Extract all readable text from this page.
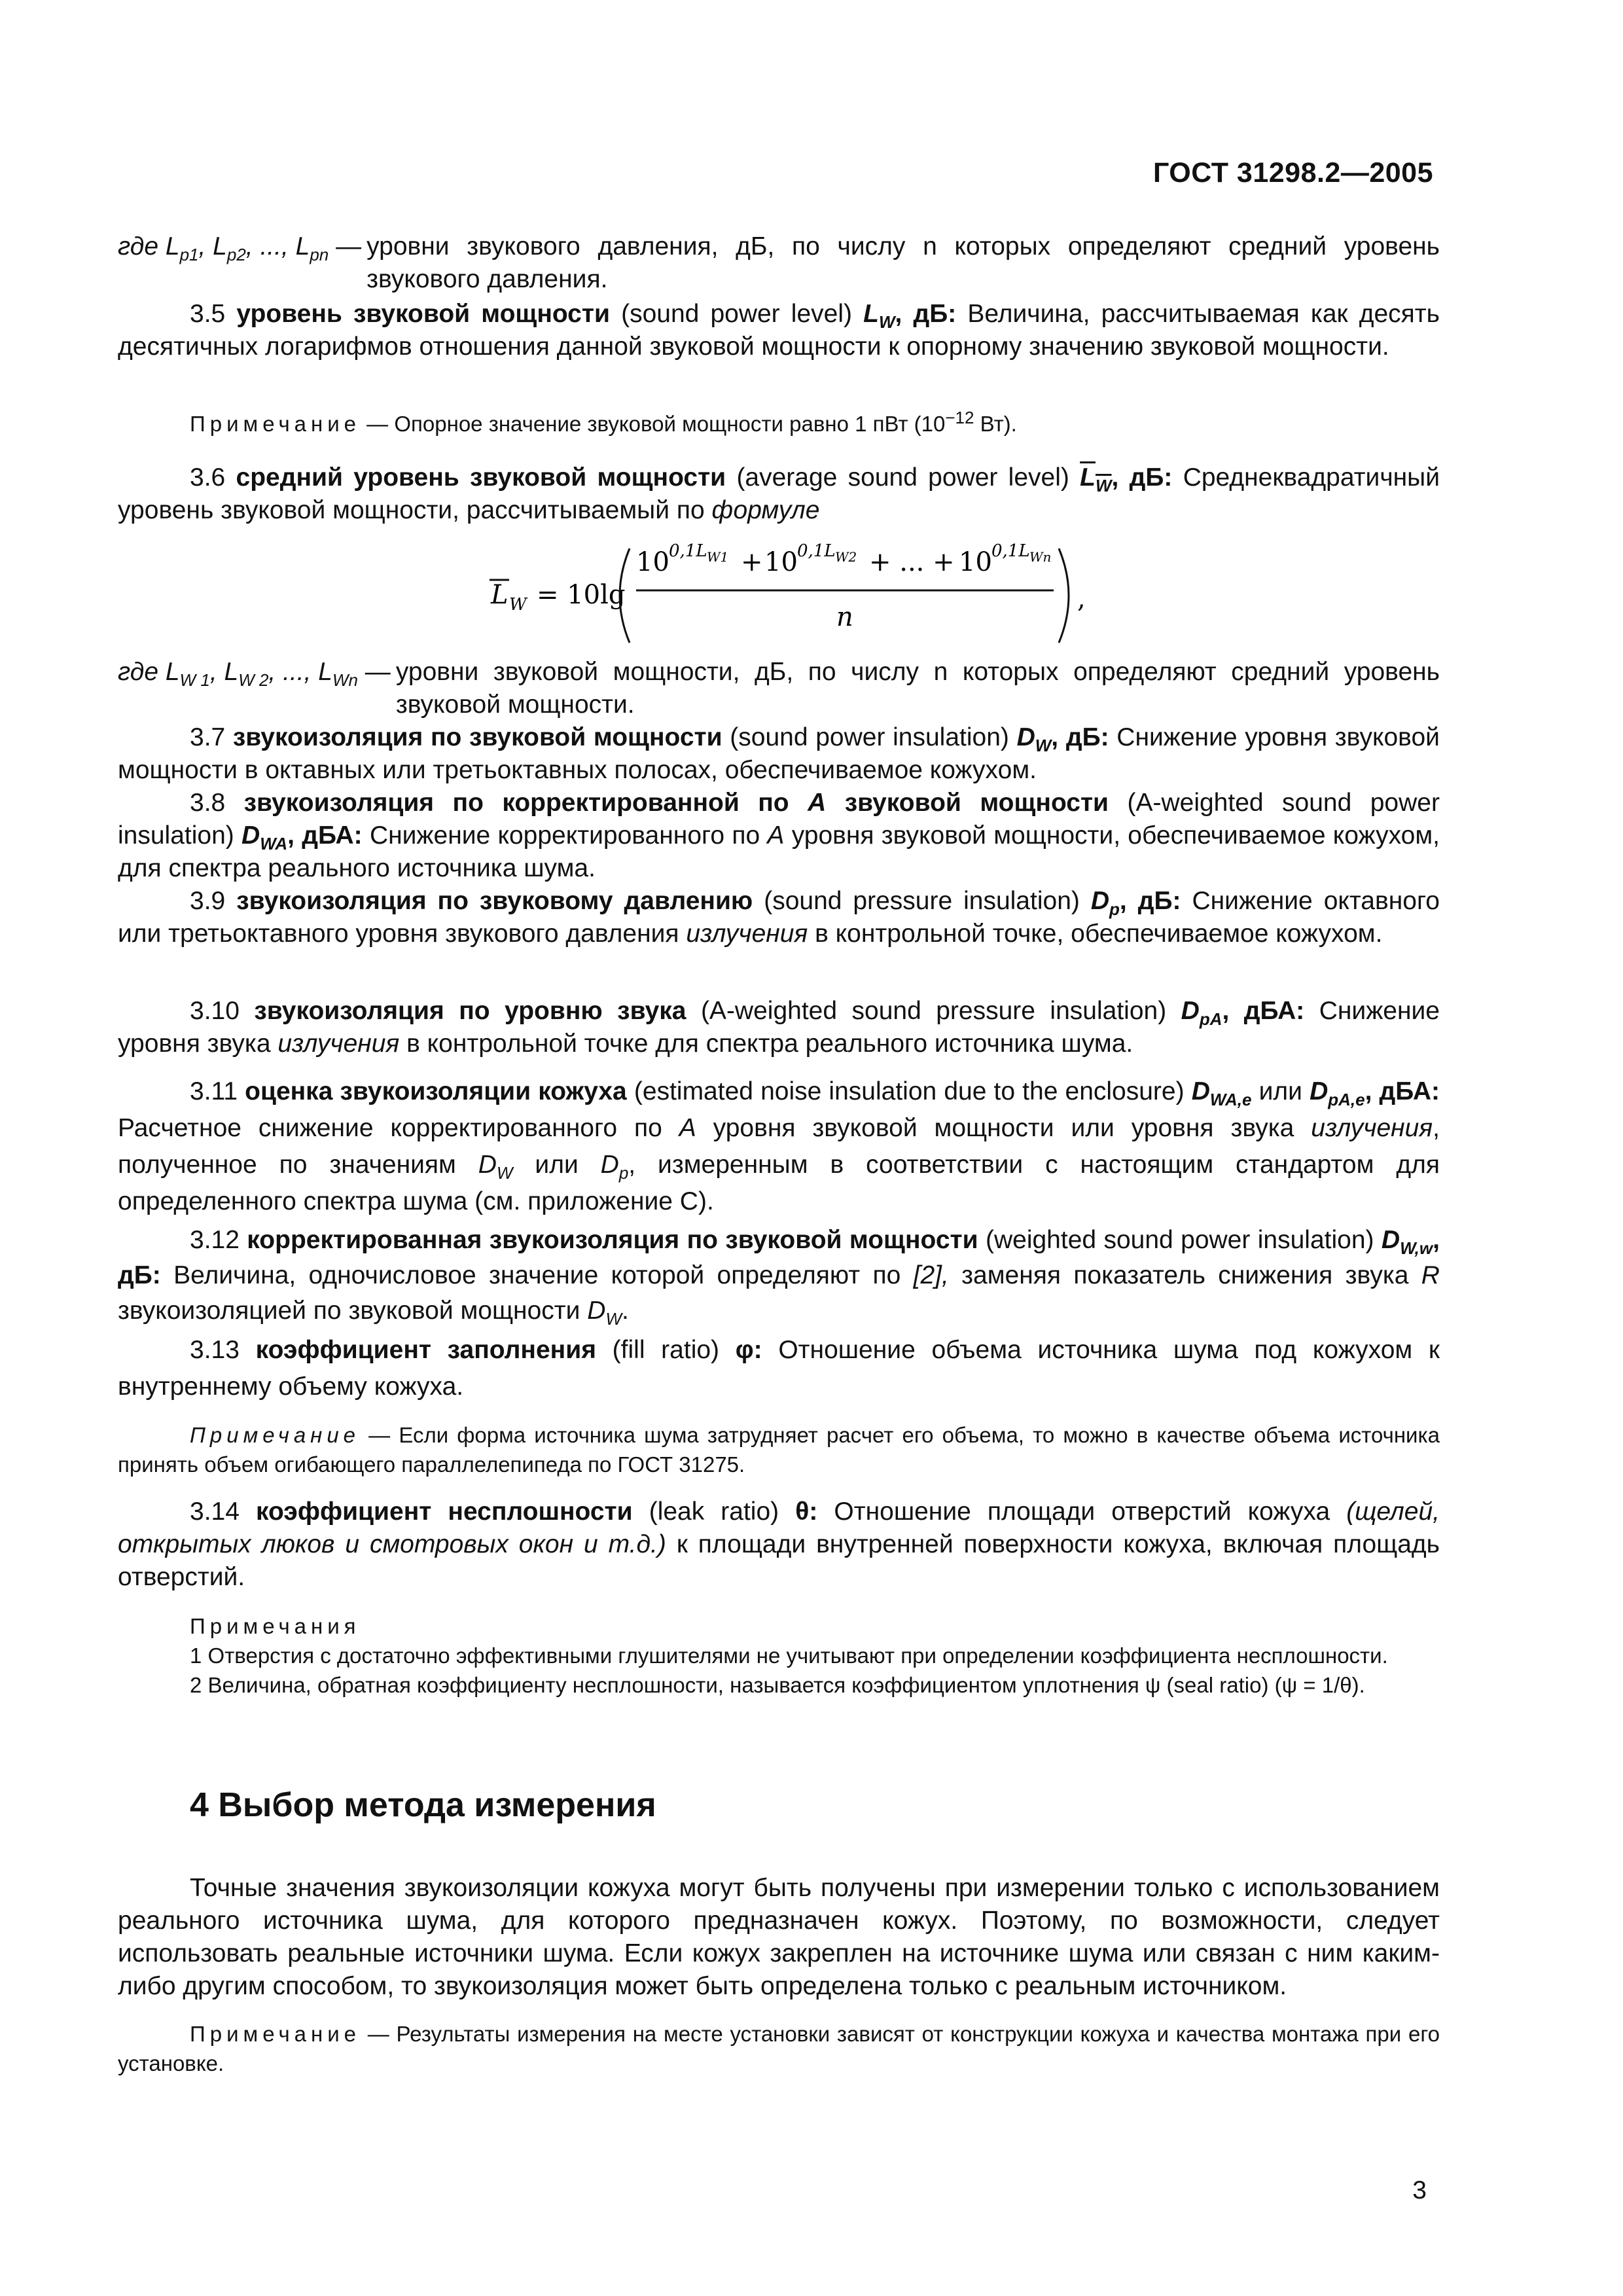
ГОСТ 31298.2—2005
где $L_{p1}$, $L_{p2}$, ..., $L_{pn}$ — уровни звукового давления, дБ, по числу n которых определяют средний уровень звукового давления.
3.5 уровень звуковой мощности (sound power level) $L_W$, дБ: Величина, рассчитываемая как десять десятичных логарифмов отношения данной звуковой мощности к опорному значению звуковой мощности.
Примечание — Опорное значение звуковой мощности равно 1 пВт ($10^{-12}$ Вт).
3.6 средний уровень звуковой мощности (average sound power level) $L_W$, дБ: Среднеквадратичный уровень звуковой мощности, рассчитываемый по формуле
L W = 10lg
10 0,1L W1 + 10 0,1L W2 + ... + 10 0,1L Wn
n
,
где $L_{W 1}$, $L_{W 2}$, ..., $L_{Wn}$ — уровни звуковой мощности, дБ, по числу n которых определяют средний уровень звуковой мощности.
3.7 звукоизоляция по звуковой мощности (sound power insulation) $D_W$, дБ: Снижение уровня звуковой мощности в октавных или третьоктавных полосах, обеспечиваемое кожухом.
3.8 звукоизоляция по корректированной по A звуковой мощности (A-weighted sound power insulation) $D_{WA}$, дБА: Снижение корректированного по A уровня звуковой мощности, обеспечиваемое кожухом, для спектра реального источника шума.
3.9 звукоизоляция по звуковому давлению (sound pressure insulation) $D_p$, дБ: Снижение октавного или третьоктавного уровня звукового давления излучения в контрольной точке, обеспечиваемое кожухом.
3.10 звукоизоляция по уровню звука (A-weighted sound pressure insulation) $D_{pA}$, дБА: Снижение уровня звука излучения в контрольной точке для спектра реального источника шума.
3.11 оценка звукоизоляции кожуха (estimated noise insulation due to the enclosure) $D_{WA,e}$ или $D_{pA,e}$, дБА: Расчетное снижение корректированного по A уровня звуковой мощности или уровня звука излучения, полученное по значениям $D_W$ или $D_p$, измеренным в соответствии с настоящим стандартом для определенного спектра шума (см. приложение С).
3.12 корректированная звукоизоляция по звуковой мощности (weighted sound power insulation) $D_{W,w}$, дБ: Величина, одночисловое значение которой определяют по [2], заменяя показатель снижения звука R звукоизоляцией по звуковой мощности $D_W$.
3.13 коэффициент заполнения (fill ratio) φ: Отношение объема источника шума под кожухом к внутреннему объему кожуха.
Примечание — Если форма источника шума затрудняет расчет его объема, то можно в качестве объема источника принять объем огибающего параллелепипеда по ГОСТ 31275.
3.14 коэффициент несплошности (leak ratio) θ: Отношение площади отверстий кожуха (щелей, открытых люков и смотровых окон и т.д.) к площади внутренней поверхности кожуха, включая площадь отверстий.
Примечания
1 Отверстия с достаточно эффективными глушителями не учитывают при определении коэффициента несплошности.
2 Величина, обратная коэффициенту несплошности, называется коэффициентом уплотнения ψ (seal ratio) (ψ = 1/θ).
4 Выбор метода измерения
Точные значения звукоизоляции кожуха могут быть получены при измерении только с использованием реального источника шума, для которого предназначен кожух. Поэтому, по возможности, следует использовать реальные источники шума. Если кожух закреплен на источнике шума или связан с ним каким-либо другим способом, то звукоизоляция может быть определена только с реальным источником.
Примечание — Результаты измерения на месте установки зависят от конструкции кожуха и качества монтажа при его установке.
3
